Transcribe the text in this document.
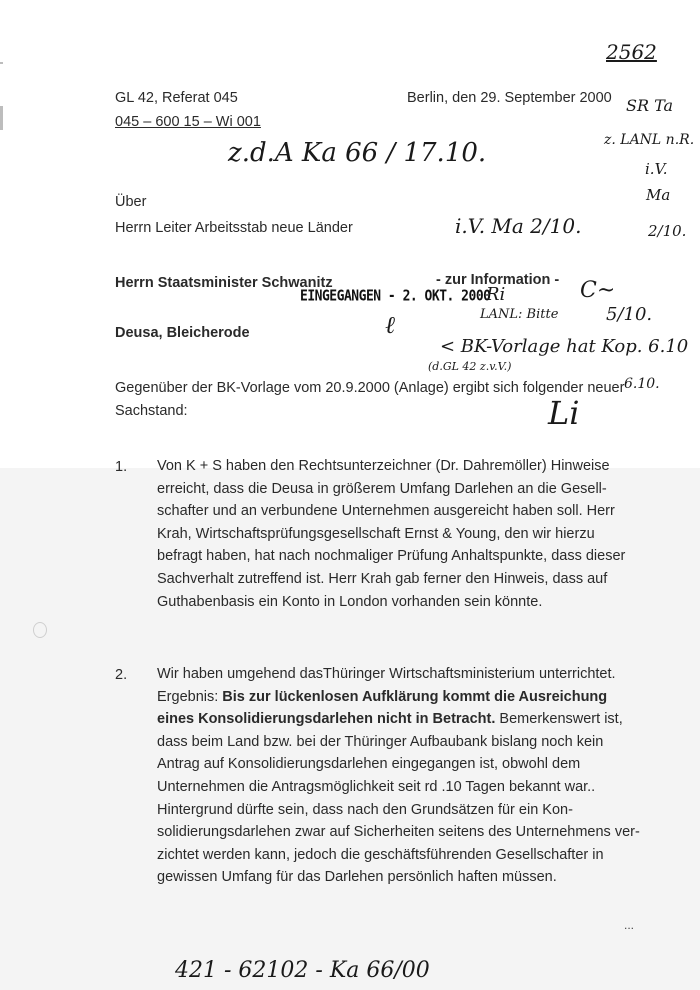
2562
GL 42, Referat 045
045 – 600 15 – Wi 001
Berlin, den 29. September 2000 SR Ta
z. LANL n.R.
i.V.
Ma
2/10.
z.d.A Ka 66 / 17.10.
Über
Herrn Leiter Arbeitsstab neue Länder	i.V. Ma 2/10.
Herrn Staatsminister Schwanitz	- zur Information -
EINGEGANGEN - 2. OKT. 2000
Ri	C~
LANL: Bitte	5/10.
Deusa, Bleicherode	ℓ
< BK-Vorlage hat Kop. 6.10
(d.GL 42 z.v.V.)
6.10.
Li
Gegenüber der BK-Vorlage vom 20.9.2000 (Anlage) ergibt sich folgender neuer
Sachstand:
1. Von K + S haben den Rechtsunterzeichner (Dr. Dahremöller) Hinweise
erreicht, dass die Deusa in größerem Umfang Darlehen an die Gesell-
schafter und an verbundene Unternehmen ausgereicht haben soll. Herr
Krah, Wirtschaftsprüfungsgesellschaft Ernst & Young, den wir hierzu
befragt haben, hat nach nochmaliger Prüfung Anhaltspunkte, dass dieser
Sachverhalt zutreffend ist. Herr Krah gab ferner den Hinweis, dass auf
Guthabenbasis ein Konto in London vorhanden sein könnte.
2. Wir haben umgehend dasThüringer Wirtschaftsministerium unterrichtet.
Ergebnis: Bis zur lückenlosen Aufklärung kommt die Ausreichung
eines Konsolidierungsdarlehen nicht in Betracht. Bemerkenswert ist,
dass beim Land bzw. bei der Thüringer Aufbaubank bislang noch kein
Antrag auf Konsolidierungsdarlehen eingegangen ist, obwohl dem
Unternehmen die Antragsmöglichkeit seit rd .10 Tagen bekannt war..
Hintergrund dürfte sein, dass nach den Grundsätzen für ein Kon-
solidierungsdarlehen zwar auf Sicherheiten seitens des Unternehmens ver-
zichtet werden kann, jedoch die geschäftsführenden Gesellschafter in
gewissen Umfang für das Darlehen persönlich haften müssen.
...
421 - 62102 - Ka 66/00
